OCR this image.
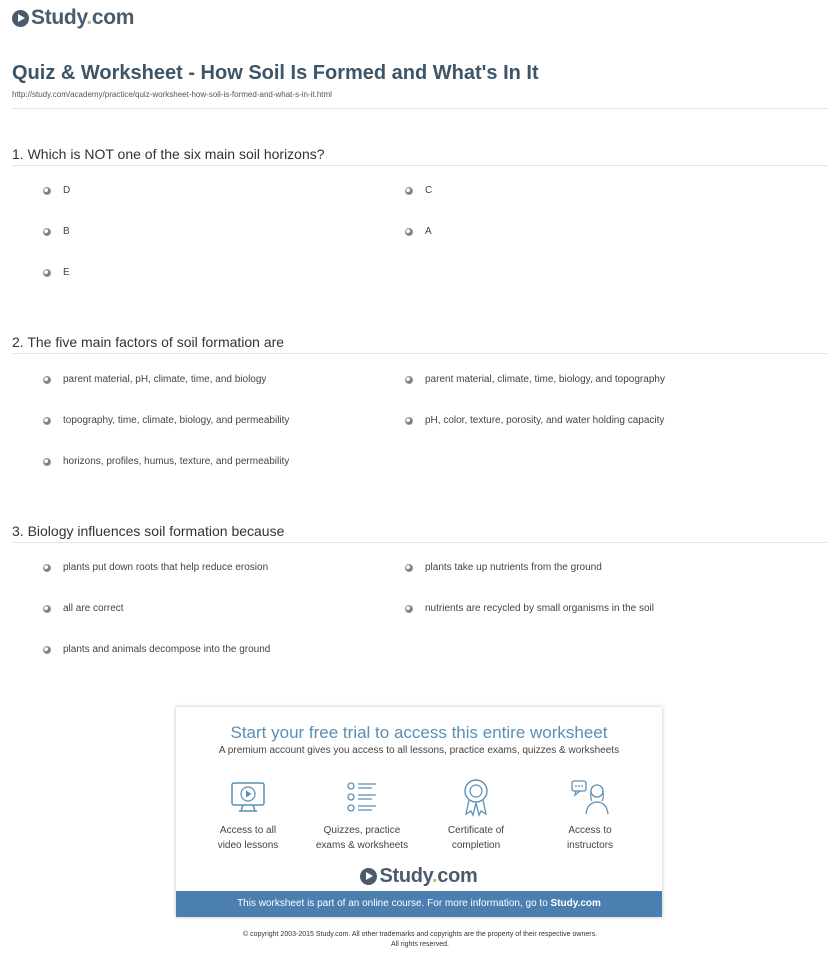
Study.com
Quiz & Worksheet - How Soil Is Formed and What's In It
http://study.com/academy/practice/quiz-worksheet-how-soil-is-formed-and-what-s-in-it.html
1. Which is NOT one of the six main soil horizons?
D	C
B	A
E
2. The five main factors of soil formation are
parent material, pH, climate, time, and biology	parent material, climate, time, biology, and topography
topography, time, climate, biology, and permeability	pH, color, texture, porosity, and water holding capacity
horizons, profiles, humus, texture, and permeability
3. Biology influences soil formation because
plants put down roots that help reduce erosion	plants take up nutrients from the ground
all are correct	nutrients are recycled by small organisms in the soil
plants and animals decompose into the ground
Start your free trial to access this entire worksheet
A premium account gives you access to all lessons, practice exams, quizzes & worksheets
Access to all
video lessons
Quizzes, practice
exams & worksheets
Certificate of
completion
Access to
instructors
Study.com
This worksheet is part of an online course. For more information, go to Study.com
© copyright 2003-2015 Study.com. All other trademarks and copyrights are the property of their respective owners.
All rights reserved.
